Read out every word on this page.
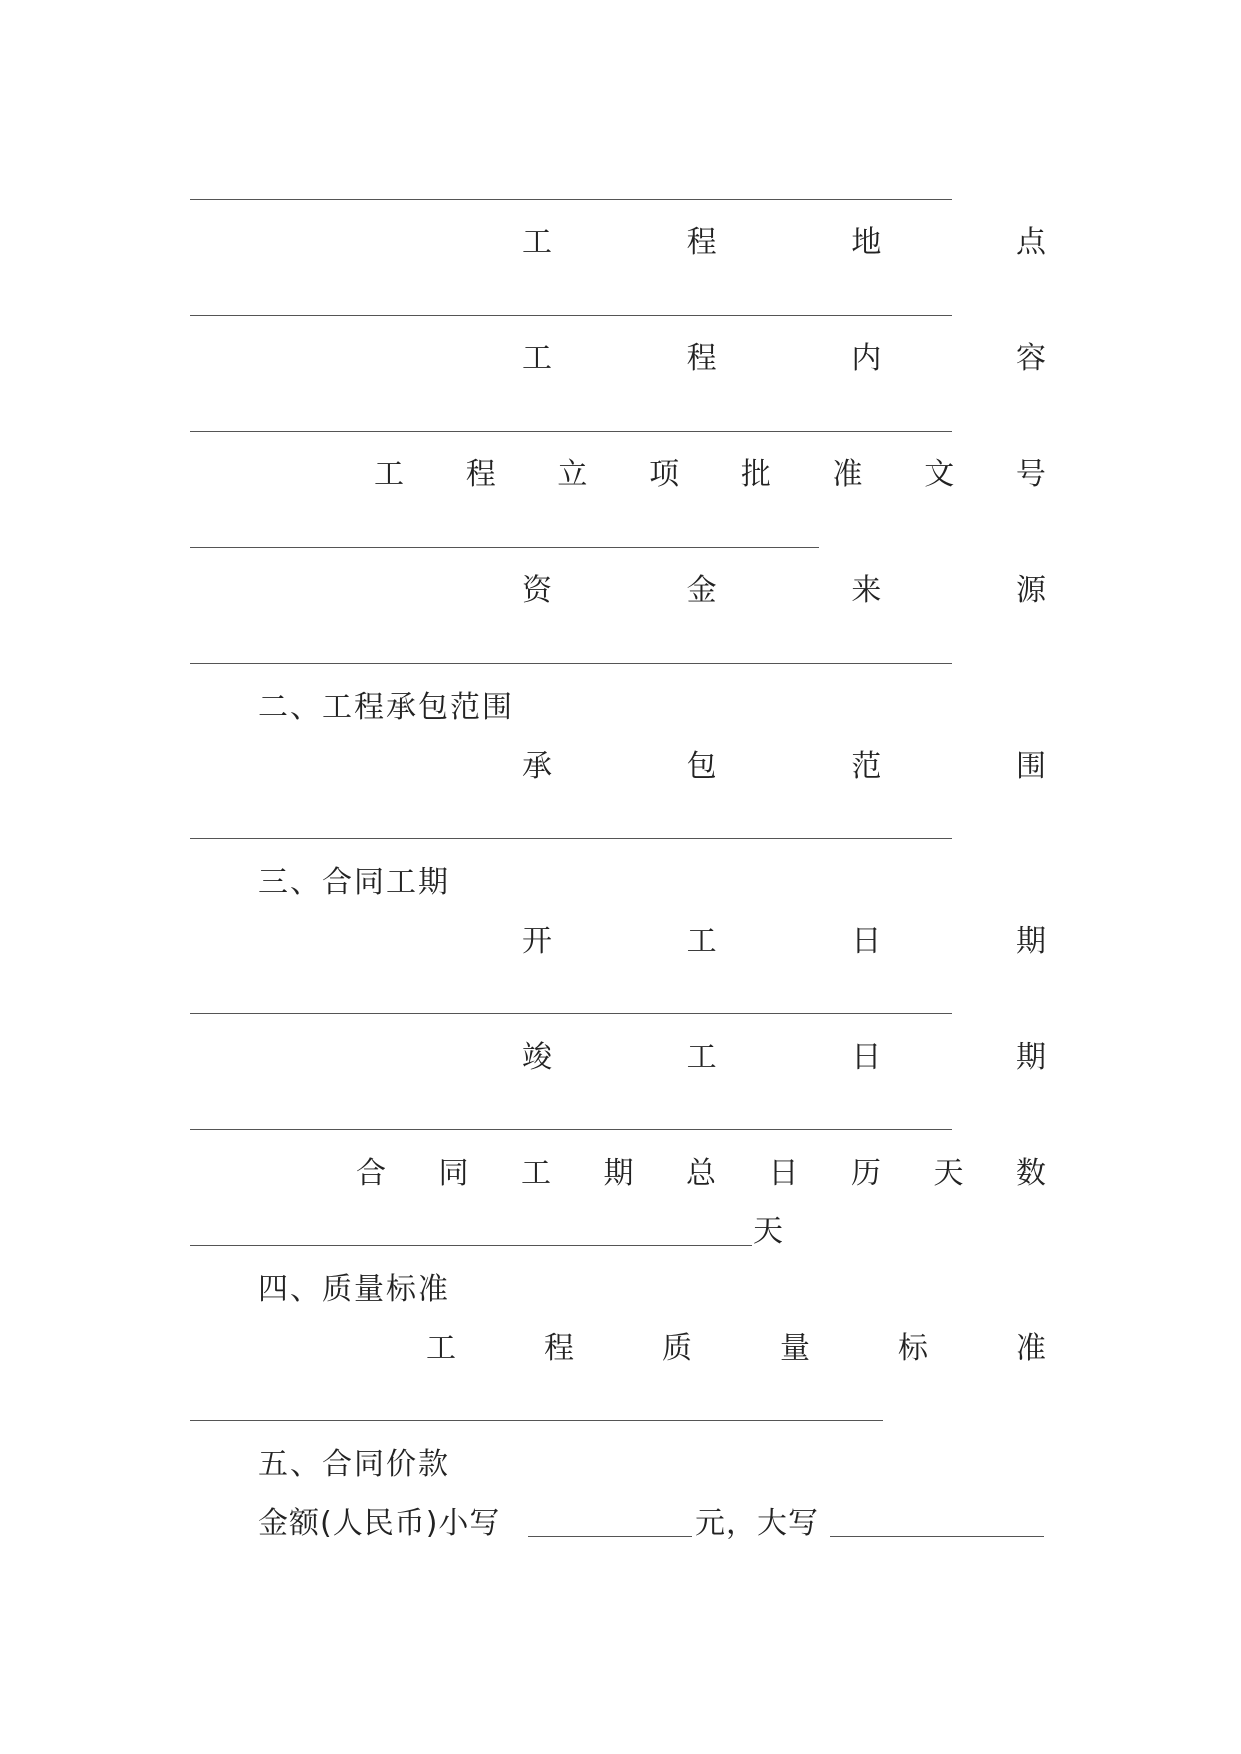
工	程	地	点
工	程	内	容
工 程 立 项 批 准 文 号
资	金	来	源
二、工程承包范围
承	包	范	围
三、合同工期
开	工	日	期
竣	工	日	期
合 同 工 期 总 日 历 天 数
天
四、质量标准
工	程	质	量	标	准
五、合同价款
金额(人民币)小写	元，大写
